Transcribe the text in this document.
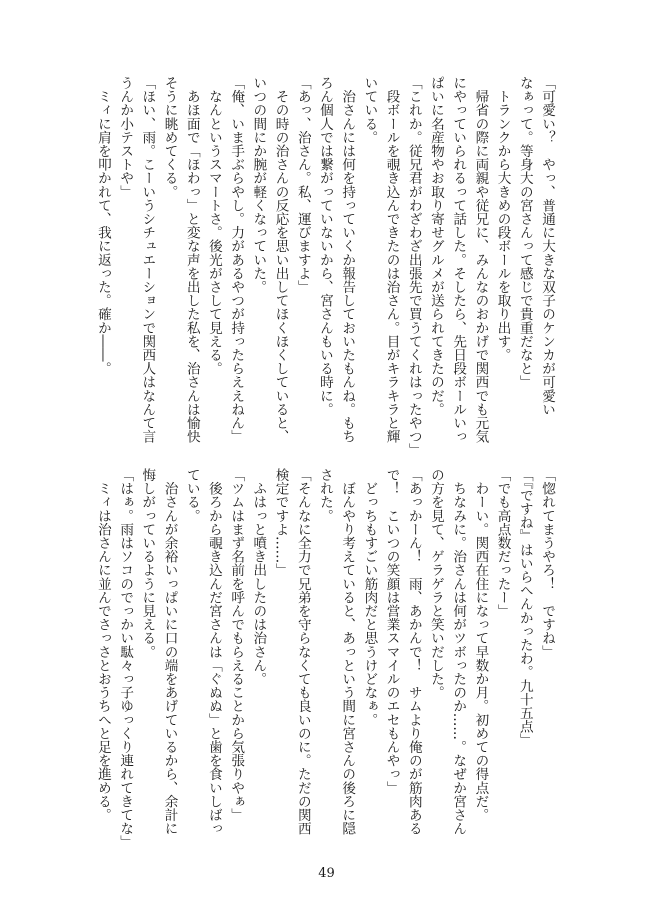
「可愛い？　やっ、普通に大きな双子のケンカが可愛い

なぁって。等身大の宮さんって感じで貴重だなと」

　トランクから大きめの段ボールを取り出す。

　帰省の際に両親や従兄に、みんなのおかげで関西でも元気

にやっていられるって話した。そしたら、先日段ボールいっ

ぱいに名産物やお取り寄せグルメが送られてきたのだ。

「これか。従兄君がわざわざ出張先で買うてくれはったやつ」

　段ボールを覗き込んできたのは治さん。目がキラキラと輝

いている。

　治さんには何を持っていくか報告しておいたもんね。もち

ろん個人では繋がっていないから、宮さんもいる時に。

「あっ、治さん。私、運びますよ」

　その時の治さんの反応を思い出してほくほくしていると、

いつの間にか腕が軽くなっていた。

「俺、いま手ぶらやし。力があるやつが持ったらええねん」

　なんというスマートさ。後光がさして見える。

　あほ面で「ほわっ」と変な声を出した私を、治さんは愉快

そうに眺めてくる。

「ほい、雨。こーいうシチュエーションで関西人はなんて言

うんか小テストや」

　ミィに肩を叩かれて、我に返った。確か――。

「惚れてまうやろ！　ですね」

「『ですね』はいらへんかったわ。九十五点」

「でも高点数だったー」

　わーい。関西在住になって早数か月。初めての得点だ。

　ちなみに。治さんは何がツボったのか……。なぜか宮さん

の方を見て、ゲラゲラと笑いだした。

「あっかーん！　雨、あかんで！　サムより俺のが筋肉ある

で！　こいつの笑顔は営業スマイルのエセもんやっ」

　どっちもすごい筋肉だと思うけどなぁ。

　ぼんやり考えていると、あっという間に宮さんの後ろに隠

された。

「そんなに全力で兄弟を守らなくても良いのに。ただの関西

検定ですよ……」

　ふはっと噴き出したのは治さん。

「ツムはまず名前を呼んでもらえることから気張りやぁ」

　後ろから覗き込んだ宮さんは「ぐぬぬ」と歯を食いしばっ

ている。

　治さんが余裕いっぱいに口の端をあげているから、余計に

悔しがっているように見える。

「はぁ。雨はソコのでっかい駄々っ子ゆっくり連れてきてな」

　ミィは治さんに並んでさっさとおうちへと足を進める。

49
